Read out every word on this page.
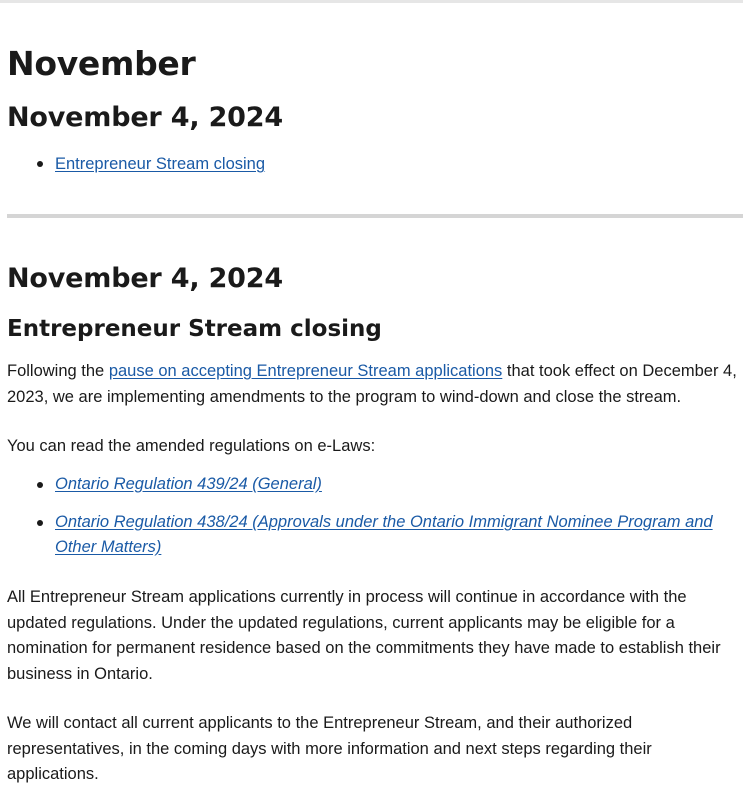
November
November 4, 2024
Entrepreneur Stream closing
November 4, 2024
Entrepreneur Stream closing

Following the pause on accepting Entrepreneur Stream applications that took effect on December 4, 2023, we are implementing amendments to the program to wind-down and close the stream.

You can read the amended regulations on e-Laws:

Ontario Regulation 439/24 (General)
Ontario Regulation 438/24 (Approvals under the Ontario Immigrant Nominee Program and Other Matters)

All Entrepreneur Stream applications currently in process will continue in accordance with the updated regulations. Under the updated regulations, current applicants may be eligible for a nomination for permanent residence based on the commitments they have made to establish their business in Ontario.

We will contact all current applicants to the Entrepreneur Stream, and their authorized representatives, in the coming days with more information and next steps regarding their applications.
